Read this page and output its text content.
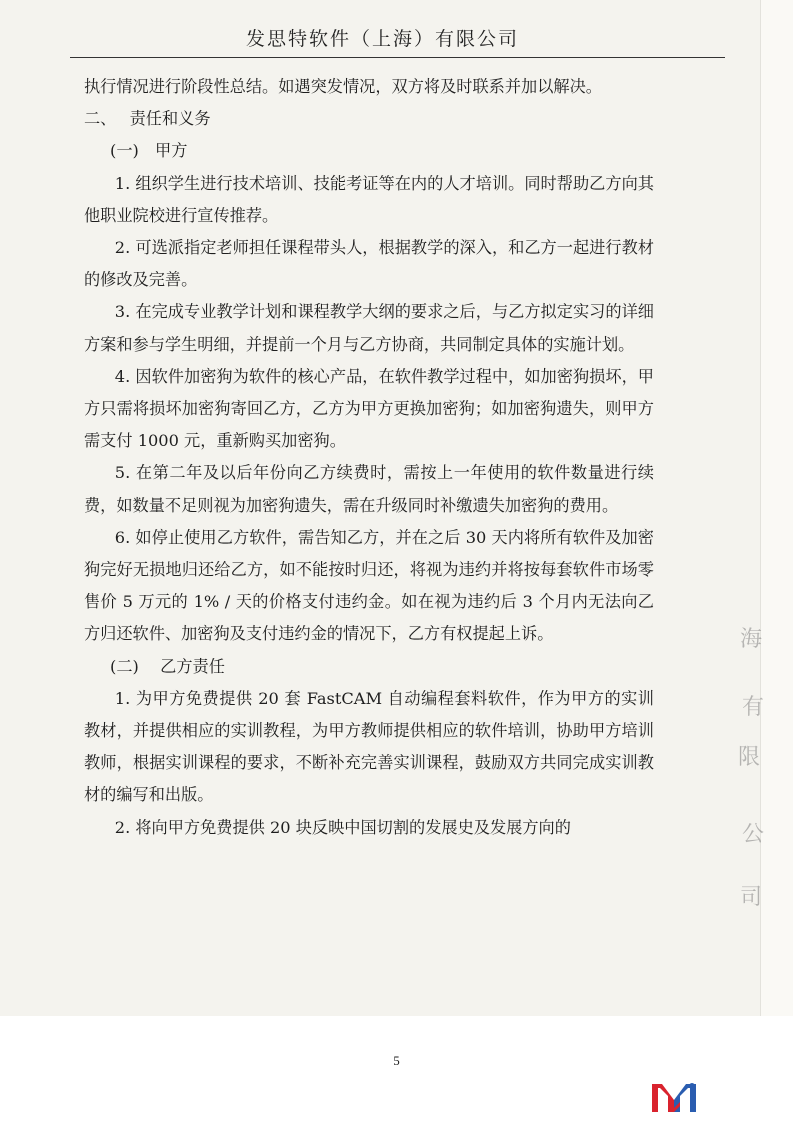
发思特软件（上海）有限公司

执行情况进行阶段性总结。如遇突发情况，双方将及时联系并加以解决。

二、　 责任和义务

(一)　甲方

1. 组织学生进行技术培训、技能考证等在内的人才培训。同时帮助乙方向其他职业院校进行宣传推荐。

2. 可选派指定老师担任课程带头人，根据教学的深入，和乙方一起进行教材的修改及完善。

3. 在完成专业教学计划和课程教学大纲的要求之后，与乙方拟定实习的详细方案和参与学生明细，并提前一个月与乙方协商，共同制定具体的实施计划。

4. 因软件加密狗为软件的核心产品，在软件教学过程中，如加密狗损坏，甲方只需将损坏加密狗寄回乙方，乙方为甲方更换加密狗；如加密狗遗失，则甲方需支付 1000 元，重新购买加密狗。

5. 在第二年及以后年份向乙方续费时，需按上一年使用的软件数量进行续费，如数量不足则视为加密狗遗失，需在升级同时补缴遗失加密狗的费用。

6. 如停止使用乙方软件，需告知乙方，并在之后 30 天内将所有软件及加密狗完好无损地归还给乙方，如不能按时归还，将视为违约并将按每套软件市场零售价 5 万元的 1% / 天的价格支付违约金。如在视为违约后 3 个月内无法向乙方归还软件、加密狗及支付违约金的情况下，乙方有权提起上诉。

(二)　 乙方责任

1. 为甲方免费提供 20 套 FastCAM 自动编程套料软件，作为甲方的实训教材，并提供相应的实训教程，为甲方教师提供相应的软件培训，协助甲方培训教师，根据实训课程的要求，不断补充完善实训课程，鼓励双方共同完成实训教材的编写和出版。

2. 将向甲方免费提供 20 块反映中国切割的发展史及发展方向的

海
有
限
公
司
5
